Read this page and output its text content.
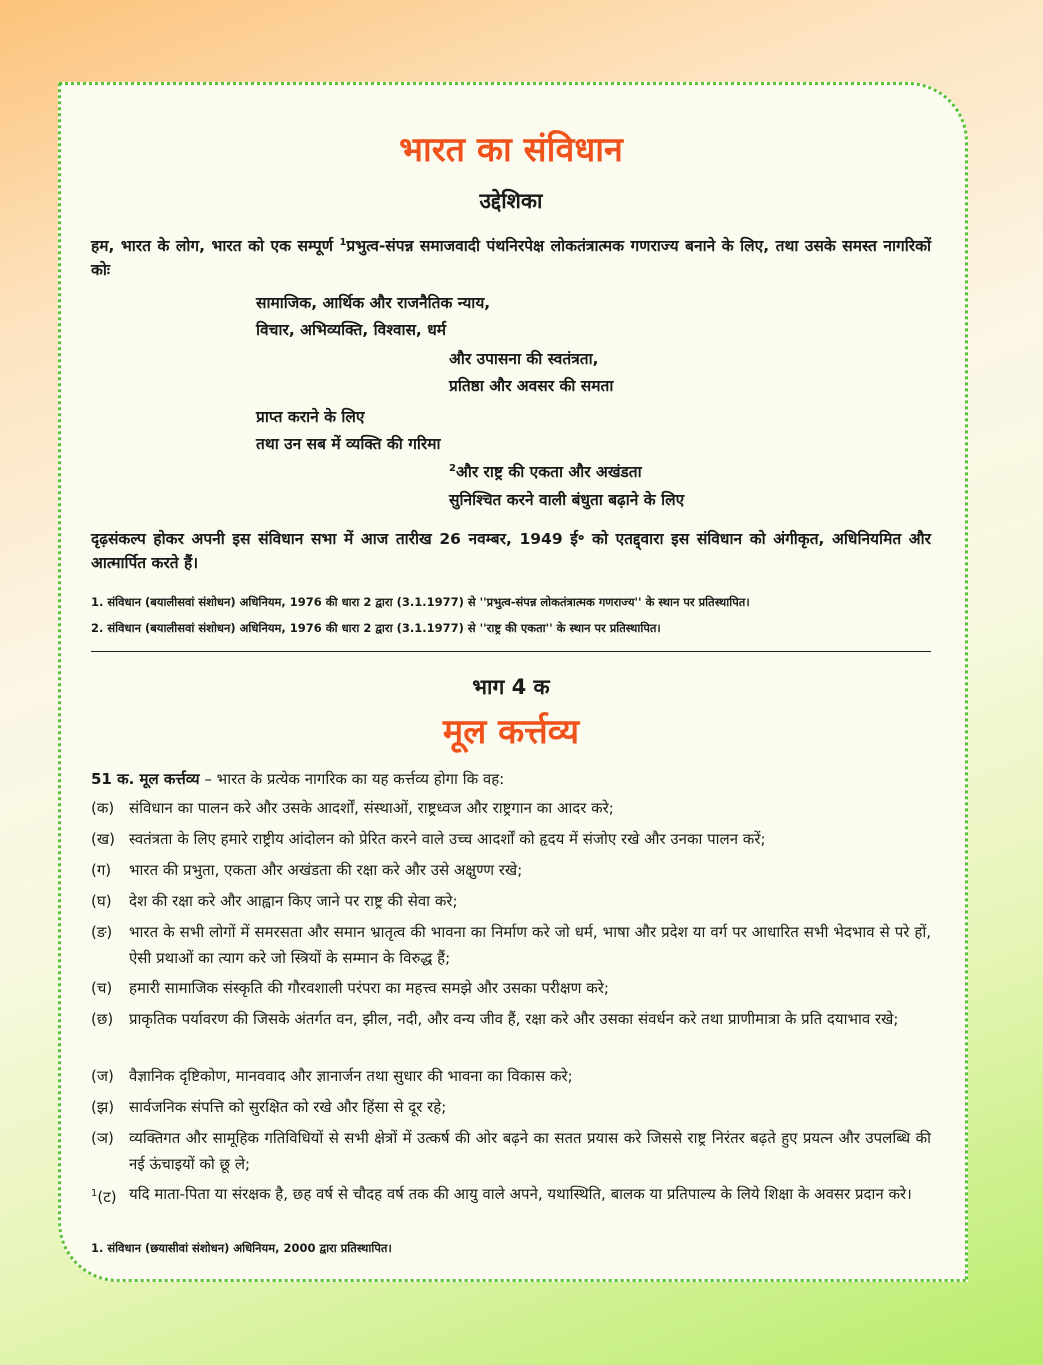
भारत का संविधान
उद्देशिका
हम, भारत के लोग, भारत को एक सम्पूर्ण $^1$प्रभुत्व-संपन्न समाजवादी पंथनिरपेक्ष लोकतंत्रात्मक गणराज्य बनाने के लिए, तथा उसके समस्त नागरिकों कोः
सामाजिक, आर्थिक और राजनैतिक न्याय,
विचार, अभिव्यक्ति, विश्वास, धर्म
और उपासना की स्वतंत्रता,
प्रतिष्ठा और अवसर की समता
प्राप्त कराने के लिए
तथा उन सब में व्यक्ति की गरिमा
$^2$और राष्ट्र की एकता और अखंडता
सुनिश्चित करने वाली बंधुता बढ़ाने के लिए
दृढ़संकल्प होकर अपनी इस संविधान सभा में आज तारीख 26 नवम्बर, 1949 ई॰ को एतद्द्वारा इस संविधान को अंगीकृत, अधिनियमित और आत्मार्पित करते हैं।
1. संविधान (बयालीसवां संशोधन) अधिनियम, 1976 की धारा 2 द्वारा (3.1.1977) से ''प्रभुत्व-संपन्न लोकतंत्रात्मक गणराज्य'' के स्थान पर प्रतिस्थापित।
2. संविधान (बयालीसवां संशोधन) अधिनियम, 1976 की धारा 2 द्वारा (3.1.1977) से ''राष्ट्र की एकता'' के स्थान पर प्रतिस्थापित।
भाग 4 क
मूल कर्त्तव्य
51 क. मूल कर्त्तव्य – भारत के प्रत्येक नागरिक का यह कर्त्तव्य होगा कि वह:
(क) संविधान का पालन करे और उसके आदर्शों, संस्थाओं, राष्ट्रध्वज और राष्ट्रगान का आदर करे;
(ख) स्वतंत्रता के लिए हमारे राष्ट्रीय आंदोलन को प्रेरित करने वाले उच्च आदर्शों को हृदय में संजोए रखे और उनका पालन करें;
(ग) भारत की प्रभुता, एकता और अखंडता की रक्षा करे और उसे अक्षुण्ण रखे;
(घ) देश की रक्षा करे और आह्वान किए जाने पर राष्ट्र की सेवा करे;
(ङ) भारत के सभी लोगों में समरसता और समान भ्रातृत्व की भावना का निर्माण करे जो धर्म, भाषा और प्रदेश या वर्ग पर आधारित सभी भेदभाव से परे हों, ऐसी प्रथाओं का त्याग करे जो स्त्रियों के सम्मान के विरुद्ध हैं;
(च) हमारी सामाजिक संस्कृति की गौरवशाली परंपरा का महत्त्व समझे और उसका परीक्षण करे;
(छ) प्राकृतिक पर्यावरण की जिसके अंतर्गत वन, झील, नदी, और वन्य जीव हैं, रक्षा करे और उसका संवर्धन करे तथा प्राणीमात्रा के प्रति दयाभाव रखे;
(ज) वैज्ञानिक दृष्टिकोण, मानववाद और ज्ञानार्जन तथा सुधार की भावना का विकास करे;
(झ) सार्वजनिक संपत्ति को सुरक्षित को रखे और हिंसा से दूर रहे;
(ञ) व्यक्तिगत और सामूहिक गतिविधियों से सभी क्षेत्रों में उत्कर्ष की ओर बढ़ने का सतत प्रयास करे जिससे राष्ट्र निरंतर बढ़ते हुए प्रयत्न और उपलब्धि की नई ऊंचाइयों को छू ले;
$^1$(ट) यदि माता-पिता या संरक्षक है, छह वर्ष से चौदह वर्ष तक की आयु वाले अपने, यथास्थिति, बालक या प्रतिपाल्य के लिये शिक्षा के अवसर प्रदान करे।
1. संविधान (छयासीवां संशोधन) अधिनियम, 2000 द्वारा प्रतिस्थापित।
